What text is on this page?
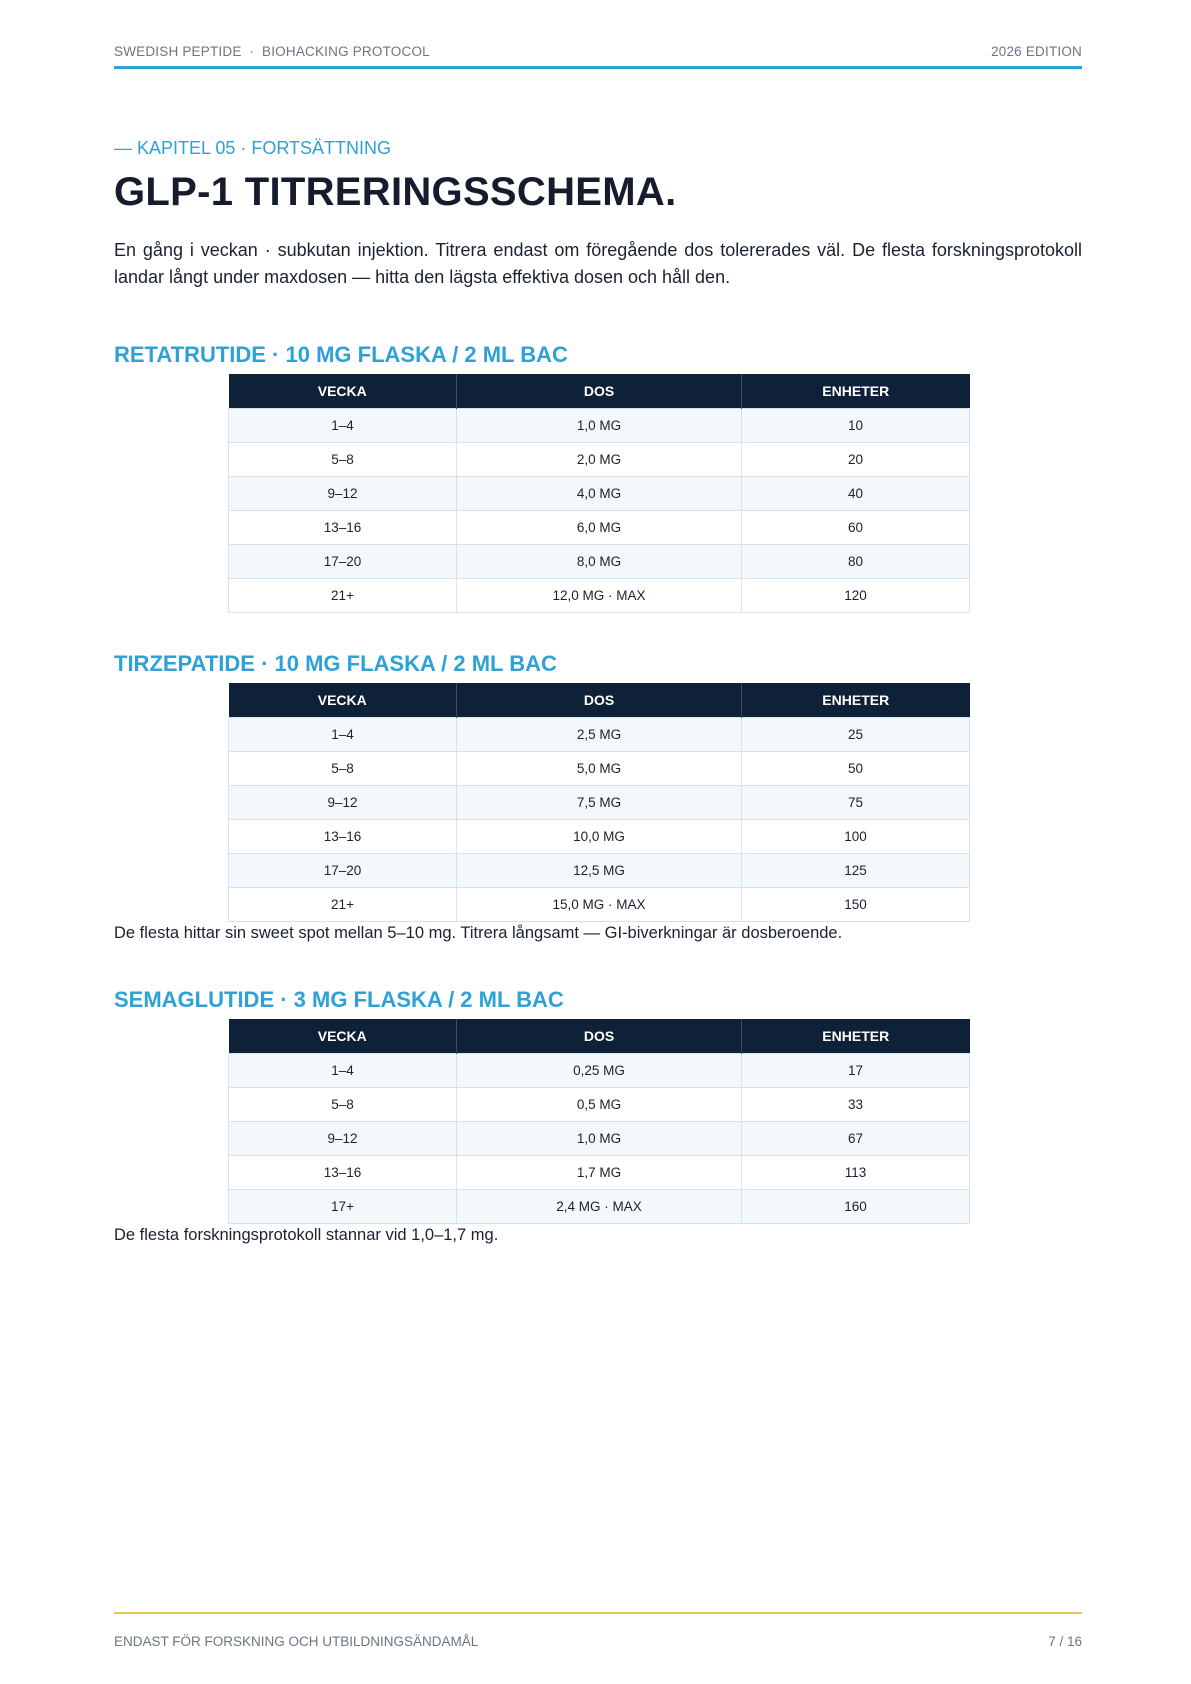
SWEDISH PEPTIDE  ·  BIOHACKING PROTOCOL	2026 EDITION
— KAPITEL 05 · FORTSÄTTNING
GLP-1 TITRERINGSSCHEMA.

En gång i veckan · subkutan injektion. Titrera endast om föregående dos tolererades väl. De flesta forskningsprotokoll landar långt under maxdosen — hitta den lägsta effektiva dosen och håll den.

RETATRUTIDE · 10 MG FLASKA / 2 ML BAC
VECKA	DOS	ENHETER
1–4	1,0 MG	10
5–8	2,0 MG	20
9–12	4,0 MG	40
13–16	6,0 MG	60
17–20	8,0 MG	80
21+	12,0 MG · MAX	120
TIRZEPATIDE · 10 MG FLASKA / 2 ML BAC
VECKA	DOS	ENHETER
1–4	2,5 MG	25
5–8	5,0 MG	50
9–12	7,5 MG	75
13–16	10,0 MG	100
17–20	12,5 MG	125
21+	15,0 MG · MAX	150

De flesta hittar sin sweet spot mellan 5–10 mg. Titrera långsamt — GI-biverkningar är dosberoende.

SEMAGLUTIDE · 3 MG FLASKA / 2 ML BAC
VECKA	DOS	ENHETER
1–4	0,25 MG	17
5–8	0,5 MG	33
9–12	1,0 MG	67
13–16	1,7 MG	113
17+	2,4 MG · MAX	160

De flesta forskningsprotokoll stannar vid 1,0–1,7 mg.

ENDAST FÖR FORSKNING OCH UTBILDNINGSÄNDAMÅL	7 / 16
